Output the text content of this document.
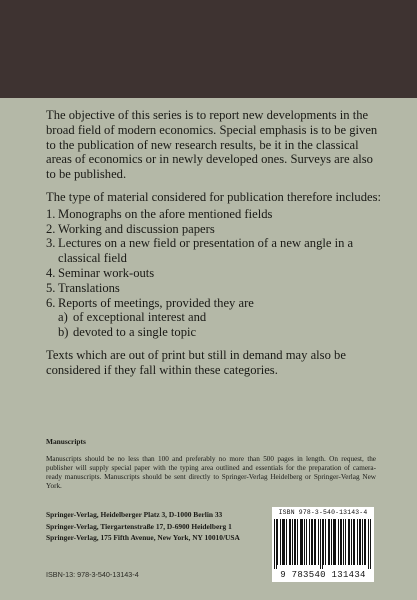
The objective of this series is to report new developments in the broad field of modern economics. Special emphasis is to be given to the publication of new research results, be it in the classical areas of economics or in newly developed ones. Surveys are also to be published.

The type of material considered for publication therefore includes:

1. Monographs on the afore mentioned fields
2. Working and discussion papers
3. Lectures on a new field or presentation of a new angle in a classical field
4. Seminar work-outs
5. Translations
6. Reports of meetings, provided they are
a) of exceptional interest and
b) devoted to a single topic

Texts which are out of print but still in demand may also be considered if they fall within these categories.

Manuscripts

Manuscripts should be no less than 100 and preferably no more than 500 pages in length. On request, the publisher will supply special paper with the typing area outlined and essentials for the preparation of camera-ready manuscripts. Manuscripts should be sent directly to Springer-Verlag Heidelberg or Springer-Verlag New York.

Springer-Verlag, Heidelberger Platz 3, D-1000 Berlin 33
Springer-Verlag, Tiergartenstraße 17, D-6900 Heidelberg 1
Springer-Verlag, 175 Fifth Avenue, New York, NY 10010/USA
ISBN-13: 978-3-540-13143-4
ISBN 978-3-540-13143-4
9 783540 131434
